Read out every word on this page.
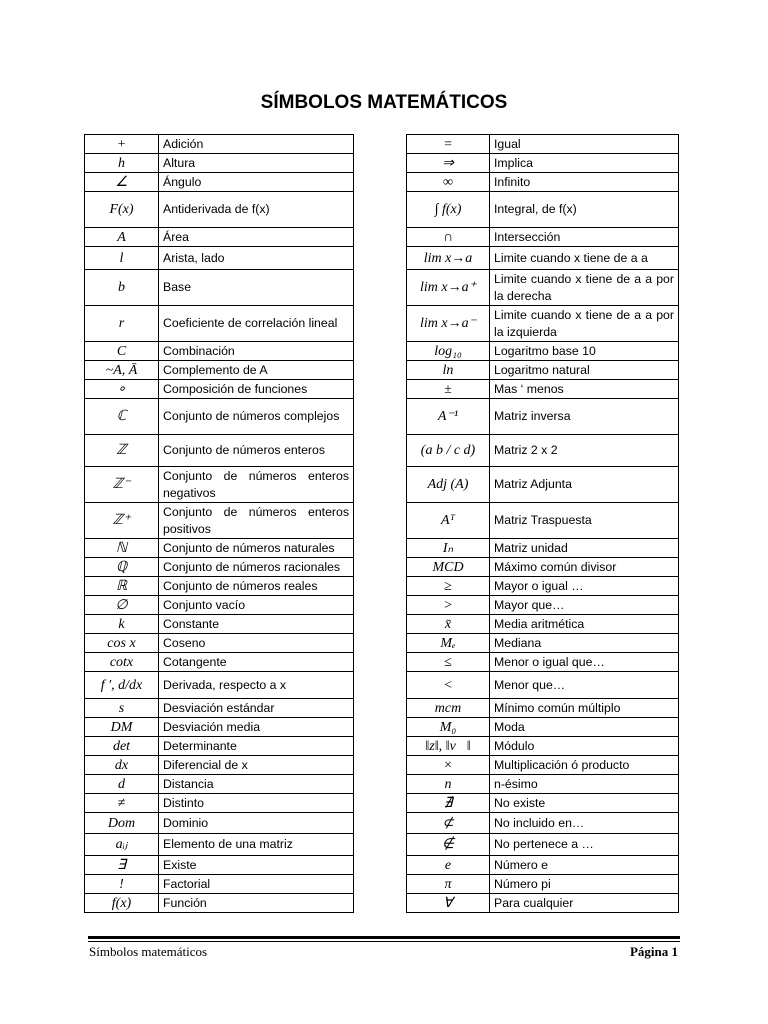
SÍMBOLOS MATEMÁTICOS
+	Adición
h	Altura
∠	Ángulo
F(x)	Antiderivada de f(x)
A	Área
l	Arista, lado
b	Base
r	Coeficiente de correlación lineal
C	Combinación
~A, Ā	Complemento de A
∘	Composición de funciones
ℂ	Conjunto de números complejos
ℤ	Conjunto de números enteros
ℤ⁻	Conjunto de números enteros negativos
ℤ⁺	Conjunto de números enteros positivos
ℕ	Conjunto de números naturales
ℚ	Conjunto de números racionales
ℝ	Conjunto de números reales
∅	Conjunto vacío
k	Constante
cos x	Coseno
cotx	Cotangente
f ′, d/dx	Derivada, respecto a x
s	Desviación estándar
DM	Desviación media
det	Determinante
dx	Diferencial de x
d	Distancia
≠	Distinto
Dom	Dominio
aᵢⱼ	Elemento de una matriz
∃	Existe
!	Factorial
f(x)	Función
=	Igual
⇒	Implica
∞	Infinito
∫ f(x)	Integral, de f(x)
∩	Intersección
lim x→a	Limite cuando x tiene de a a
lim x→a⁺	Limite cuando x tiene de a a por la derecha
lim x→a⁻	Limite cuando x tiene de a a por la izquierda
log₁₀	Logaritmo base 10
ln	Logaritmo natural
±	Mas ‘ menos
A⁻¹	Matriz inversa
(a b / c d)	Matriz 2 x 2
Adj (A)	Matriz Adjunta
Aᵀ	Matriz Traspuesta
Iₙ	Matriz unidad
MCD	Máximo común divisor
≥	Mayor o igual …
>	Mayor que…
x̄	Media aritmética
Mₑ	Mediana
≤	Menor o igual que…
<	Menor que…
mcm	Mínimo común múltiplo
M₀	Moda
‖z‖, ‖v⃗‖	Módulo
×	Multiplicación ó producto
n	n-ésimo
∄	No existe
⊄	No incluido en…
∉	No pertenece a …
e	Número e
π	Número pi
∀	Para cualquier
Símbolos matemáticos	Página 1
